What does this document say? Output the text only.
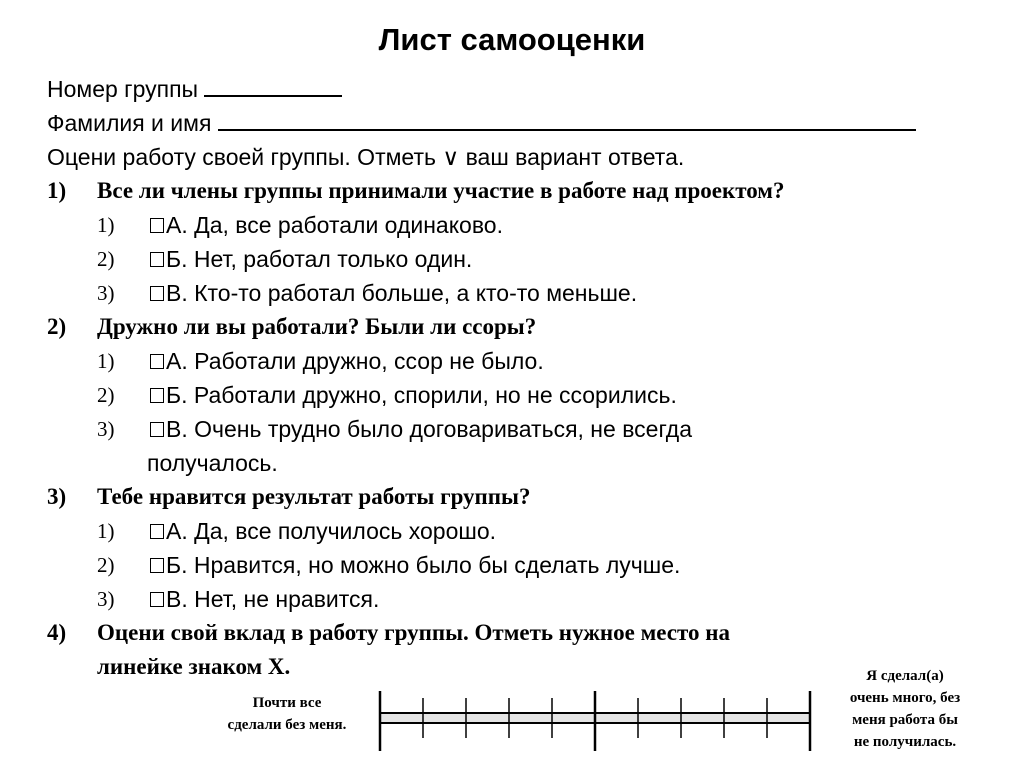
Лист самооценки
Номер группы
Фамилия и имя
Оцени работу своей группы. Отметь ∨ ваш вариант ответа.
1) Все ли члены группы принимали участие в работе над проектом?
1) А. Да, все работали одинаково.
2) Б. Нет, работал только один.
3) В. Кто-то работал больше, а кто-то меньше.
2) Дружно ли вы работали? Были ли ссоры?
1) А. Работали дружно, ссор не было.
2) Б. Работали дружно, спорили, но не ссорились.
3) В. Очень трудно было договариваться, не всегда
получалось.
3) Тебе нравится результат работы группы?
1) А. Да, все получилось хорошо.
2) Б. Нравится, но можно было бы сделать лучше.
3) В. Нет, не нравится.
4) Оцени свой вклад в работу группы. Отметь нужное место на
линейке знаком Х.
Почти все
сделали без меня.
Я сделал(а)
очень много, без
меня работа бы
не получилась.
